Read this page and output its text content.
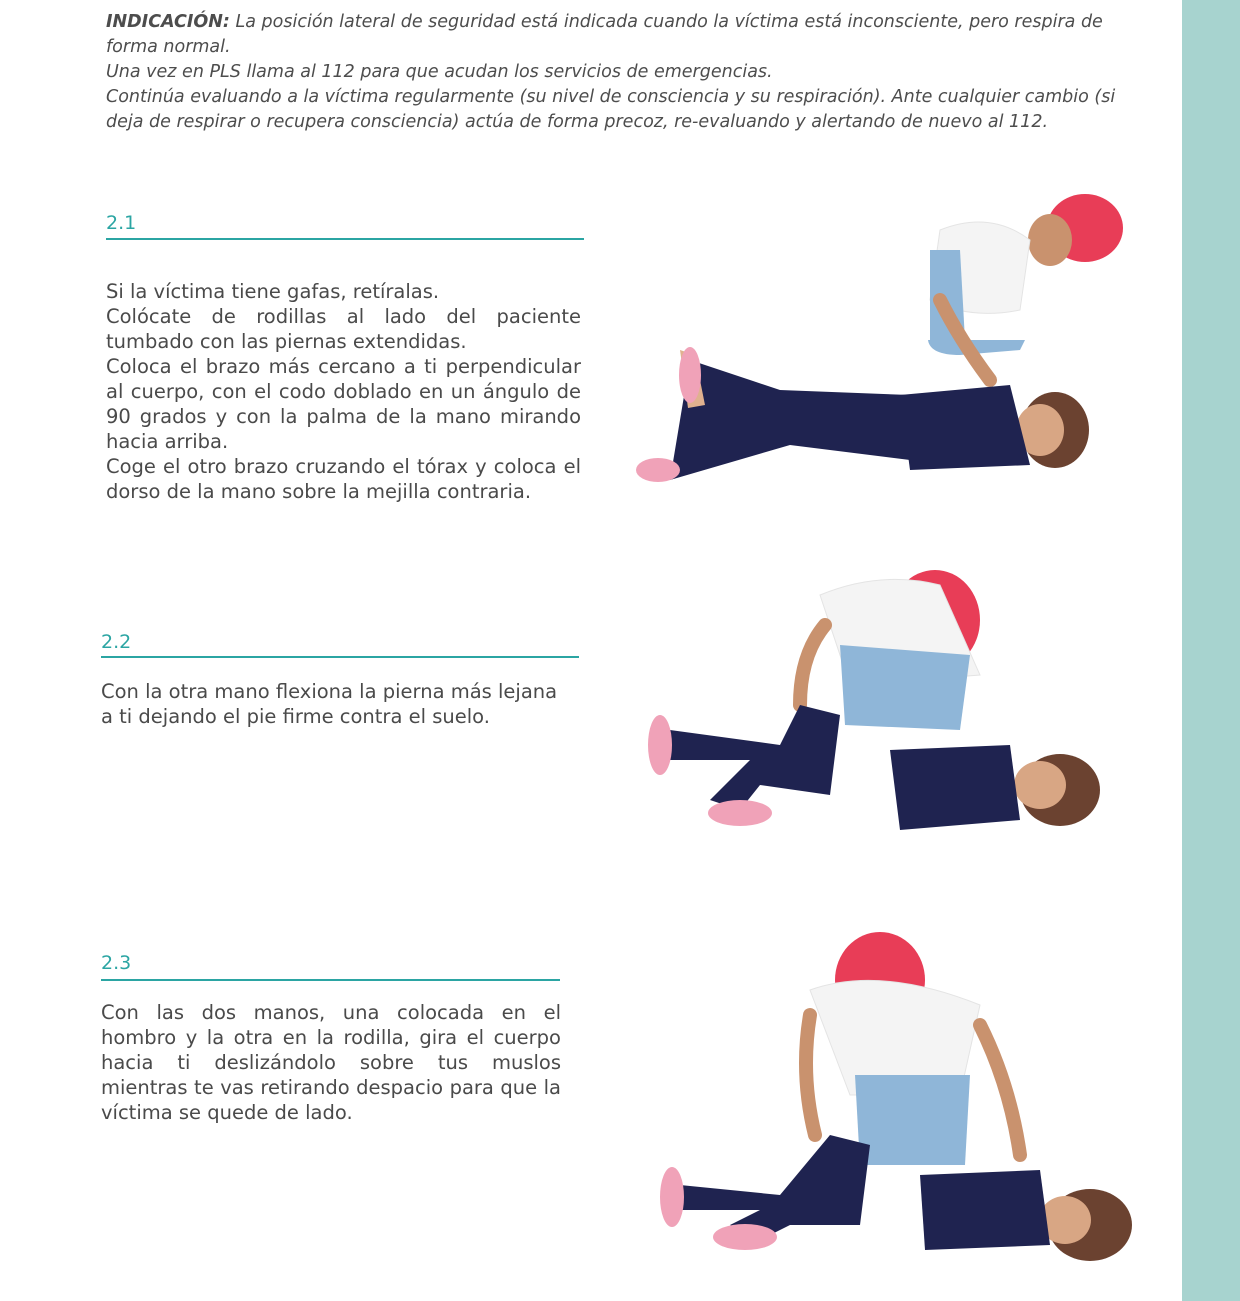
INDICACIÓN: La posición lateral de seguridad está indicada cuando la víctima está inconsciente, pero respira de forma normal.

Una vez en PLS llama al 112 para que acudan los servicios de emergencias.

Continúa evaluando a la víctima regularmente (su nivel de consciencia y su respiración). Ante cualquier cambio (si deja de respirar o recupera consciencia) actúa de forma precoz, re-evaluando y alertando de nuevo al 112.

2.1

Si la víctima tiene gafas, retíralas.

Colócate de rodillas al lado del paciente tumbado con las piernas extendidas.

Coloca el brazo más cercano a ti perpendicular al cuerpo, con el codo doblado en un ángulo de 90 grados y con la palma de la mano mirando hacia arriba.

Coge el otro brazo cruzando el tórax y coloca el dorso de la mano sobre la mejilla contraria.

2.2

Con la otra mano flexiona la pierna más lejana a ti dejando el pie firme contra el suelo.

2.3

Con las dos manos, una colocada en el hombro y la otra en la rodilla, gira el cuerpo hacia ti deslizándolo sobre tus muslos mientras te vas retirando despacio para que la víctima se quede de lado.
